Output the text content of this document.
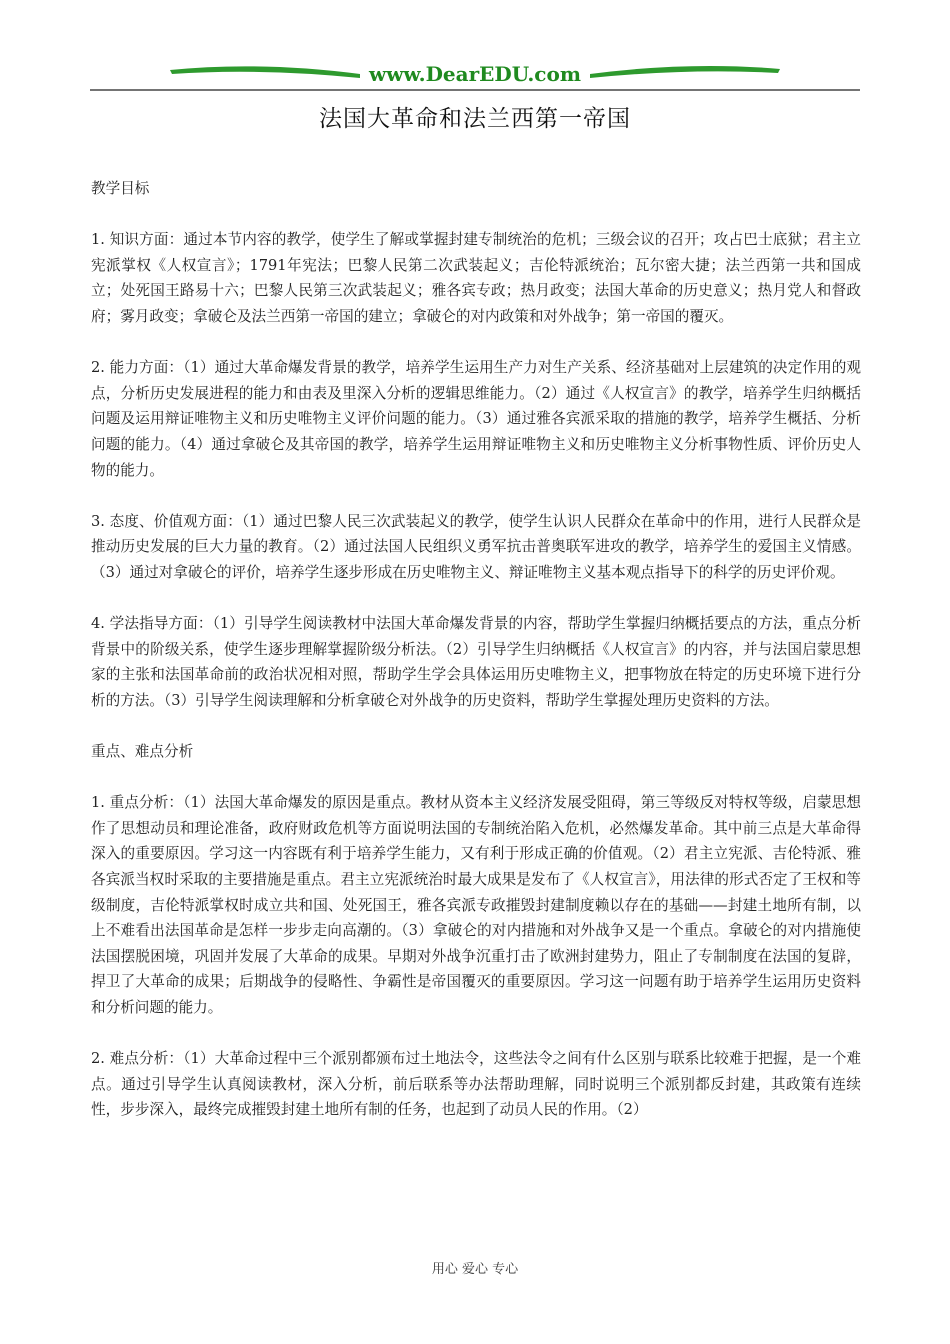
www.DearEDU.com
法国大革命和法兰西第一帝国

教学目标

1. 知识方面：通过本节内容的教学，使学生了解或掌握封建专制统治的危机；三级会议的召开；攻占巴士底狱；君主立宪派掌权《人权宣言》；1791年宪法；巴黎人民第二次武装起义；吉伦特派统治；瓦尔密大捷；法兰西第一共和国成立；处死国王路易十六；巴黎人民第三次武装起义；雅各宾专政；热月政变；法国大革命的历史意义；热月党人和督政府；雾月政变；拿破仑及法兰西第一帝国的建立；拿破仑的对内政策和对外战争；第一帝国的覆灭。

2. 能力方面：（1）通过大革命爆发背景的教学，培养学生运用生产力对生产关系、经济基础对上层建筑的决定作用的观点，分析历史发展进程的能力和由表及里深入分析的逻辑思维能力。（2）通过《人权宣言》的教学，培养学生归纳概括问题及运用辩证唯物主义和历史唯物主义评价问题的能力。（3）通过雅各宾派采取的措施的教学，培养学生概括、分析问题的能力。（4）通过拿破仑及其帝国的教学，培养学生运用辩证唯物主义和历史唯物主义分析事物性质、评价历史人物的能力。

3. 态度、价值观方面：（1）通过巴黎人民三次武装起义的教学，使学生认识人民群众在革命中的作用，进行人民群众是推动历史发展的巨大力量的教育。（2）通过法国人民组织义勇军抗击普奥联军进攻的教学，培养学生的爱国主义情感。（3）通过对拿破仑的评价，培养学生逐步形成在历史唯物主义、辩证唯物主义基本观点指导下的科学的历史评价观。

4. 学法指导方面：（1）引导学生阅读教材中法国大革命爆发背景的内容，帮助学生掌握归纳概括要点的方法，重点分析背景中的阶级关系，使学生逐步理解掌握阶级分析法。（2）引导学生归纳概括《人权宣言》的内容，并与法国启蒙思想家的主张和法国革命前的政治状况相对照，帮助学生学会具体运用历史唯物主义，把事物放在特定的历史环境下进行分析的方法。（3）引导学生阅读理解和分析拿破仑对外战争的历史资料，帮助学生掌握处理历史资料的方法。

重点、难点分析

1. 重点分析：（1）法国大革命爆发的原因是重点。教材从资本主义经济发展受阻碍，第三等级反对特权等级，启蒙思想作了思想动员和理论准备，政府财政危机等方面说明法国的专制统治陷入危机，必然爆发革命。其中前三点是大革命得深入的重要原因。学习这一内容既有利于培养学生能力，又有利于形成正确的价值观。（2）君主立宪派、吉伦特派、雅各宾派当权时采取的主要措施是重点。君主立宪派统治时最大成果是发布了《人权宣言》，用法律的形式否定了王权和等级制度，吉伦特派掌权时成立共和国、处死国王，雅各宾派专政摧毁封建制度赖以存在的基础——封建土地所有制，以上不难看出法国革命是怎样一步步走向高潮的。（3）拿破仑的对内措施和对外战争又是一个重点。拿破仑的对内措施使法国摆脱困境，巩固并发展了大革命的成果。早期对外战争沉重打击了欧洲封建势力，阻止了专制制度在法国的复辟，捍卫了大革命的成果；后期战争的侵略性、争霸性是帝国覆灭的重要原因。学习这一问题有助于培养学生运用历史资料和分析问题的能力。

2. 难点分析：（1）大革命过程中三个派别都颁布过土地法令，这些法令之间有什么区别与联系比较难于把握，是一个难点。通过引导学生认真阅读教材，深入分析，前后联系等办法帮助理解，同时说明三个派别都反封建，其政策有连续性，步步深入，最终完成摧毁封建土地所有制的任务，也起到了动员人民的作用。（2）

用心 爱心 专心
